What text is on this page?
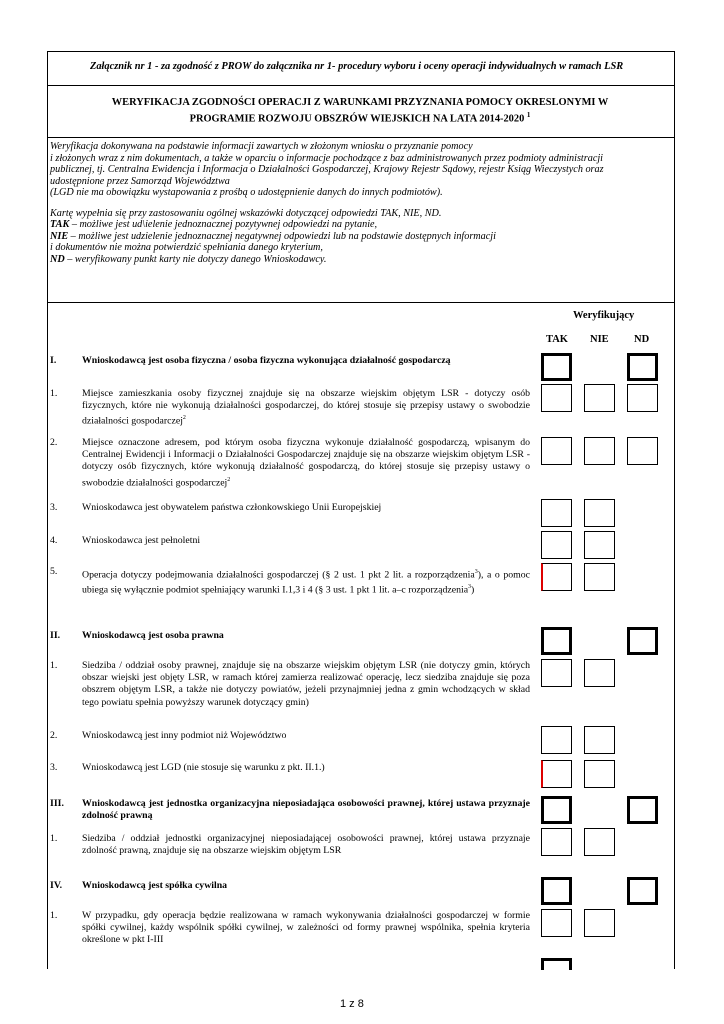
Załącznik nr 1 - za zgodność z PROW do załącznika nr 1- procedury wyboru i oceny operacji indywidualnych w ramach LSR
WERYFIKACJA ZGODNOŚCI OPERACJI Z WARUNKAMI PRZYZNANIA POMOCY OKRESLONYMI W
PROGRAMIE ROZWOJU OBSZRÓW WIEJSKICH NA LATA 2014-2020 $^1$

Weryfikacja dokonywana na podstawie informacji zawartych w złożonym wniosku o przyznanie pomocy

i złożonych wraz z nim dokumentach, a także w oparciu o informacje pochodzące z baz administrowanych przez podmioty administracji

publicznej, tj. Centralna Ewidencja i Informacja o Działalności Gospodarczej, Krajowy Rejestr Sądowy, rejestr Ksiąg Wieczystych oraz

udostępnione przez Samorząd Województwa

(LGD nie ma obowiązku wystapowania z prośbą o udostępnienie danych do innych podmiotów).

Kartę wypełnia się przy zastosowaniu ogólnej wskazówki dotyczącej odpowiedzi TAK, NIE, ND.

TAK – możliwe jest ud\ielenie jednoznacznej pozytywnej odpowiedzi na pytanie,

NIE – możliwe jest udzielenie jednoznacznej negatywnej odpowiedzi lub na podstawie dostępnych informacji

i dokumentów nie można potwierdzić spełniania danego kryterium,

ND – weryfikowany punkt karty nie dotyczy danego Wnioskodawcy.

Weryfikujący
TAK NIE ND
I.	Wnioskodawcą jest osoba fizyczna / osoba fizyczna wykonująca działalność gospodarczą
1.	Miejsce zamieszkania osoby fizycznej znajduje się na obszarze wiejskim objętym LSR - dotyczy osób fizycznych, które nie wykonują działalności gospodarczej, do której stosuje się przepisy ustawy o swobodzie działalności gospodarczej$^2$
2.	Miejsce oznaczone adresem, pod którym osoba fizyczna wykonuje działalność gospodarczą, wpisanym do Centralnej Ewidencji i Informacji o Działalności Gospodarczej znajduje się na obszarze wiejskim objętym LSR - dotyczy osób fizycznych, które wykonują działalność gospodarczą, do której stosuje się przepisy ustawy o swobodzie działalności gospodarczej$^2$
3.	Wnioskodawca jest obywatelem państwa członkowskiego Unii Europejskiej
4.	Wnioskodawca jest pełnoletni
5.	Operacja dotyczy podejmowania działalności gospodarczej (§ 2 ust. 1 pkt 2 lit. a rozporządzenia$^3$), a o pomoc ubiega się wyłącznie podmiot spełniający warunki I.1,3 i 4 (§ 3 ust. 1 pkt 1 lit. a–c rozporządzenia$^3$)
II. Wnioskodawcą jest osoba prawna
1.	Siedziba / oddział osoby prawnej, znajduje się na obszarze wiejskim objętym LSR (nie dotyczy gmin, których obszar wiejski jest objęty LSR, w ramach której zamierza realizować operację, lecz siedziba znajduje się poza obszrem objętym LSR, a także nie dotyczy powiatów, jeżeli przynajmniej jedna z gmin wchodzących w skład tego powiatu spełnia powyższy warunek dotyczący gmin)
2.	Wnioskodawcą jest inny podmiot niż Województwo
3.	Wnioskodawcą jest LGD (nie stosuje się warunku z pkt. II.1.)
III. Wnioskodawcą jest jednostka organizacyjna nieposiadająca osobowości prawnej, której ustawa przyznaje zdolność prawną
1.	Siedziba / oddział jednostki organizacyjnej nieposiadającej osobowości prawnej, której ustawa przyznaje zdolność prawną, znajduje się na obszarze wiejskim objętym LSR
IV. Wnioskodawcą jest spółka cywilna
1.	W przypadku, gdy operacja będzie realizowana w ramach wykonywania działalności gospodarczej w formie spółki cywilnej, każdy wspólnik spółki cywilnej, w zależności od formy prawnej wspólnika, spełnia kryteria określone w pkt I-III
1 z 8
